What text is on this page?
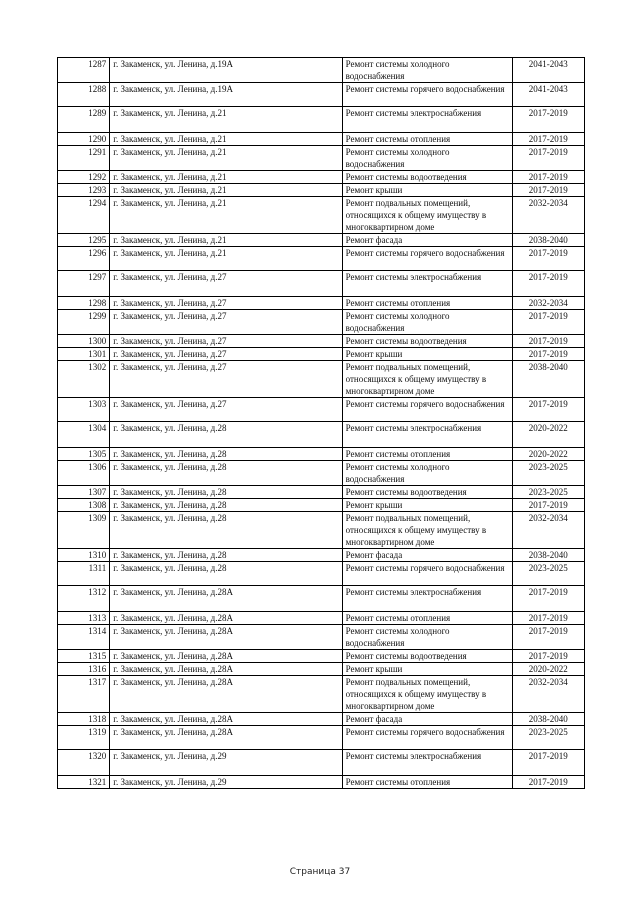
1287	г. Закаменск, ул. Ленина, д.19А	Ремонт системы холодного водоснабжения	2041-2043
1288	г. Закаменск, ул. Ленина, д.19А	Ремонт системы горячего водоснабжения	2041-2043
1289	г. Закаменск, ул. Ленина, д.21	Ремонт системы электроснабжения	2017-2019
1290	г. Закаменск, ул. Ленина, д.21	Ремонт системы отопления	2017-2019
1291	г. Закаменск, ул. Ленина, д.21	Ремонт системы холодного водоснабжения	2017-2019
1292	г. Закаменск, ул. Ленина, д.21	Ремонт системы водоотведения	2017-2019
1293	г. Закаменск, ул. Ленина, д.21	Ремонт крыши	2017-2019
1294	г. Закаменск, ул. Ленина, д.21	Ремонт подвальных помещений, относящихся к общему имуществу в многоквартирном доме	2032-2034
1295	г. Закаменск, ул. Ленина, д.21	Ремонт фасада	2038-2040
1296	г. Закаменск, ул. Ленина, д.21	Ремонт системы горячего водоснабжения	2017-2019
1297	г. Закаменск, ул. Ленина, д.27	Ремонт системы электроснабжения	2017-2019
1298	г. Закаменск, ул. Ленина, д.27	Ремонт системы отопления	2032-2034
1299	г. Закаменск, ул. Ленина, д.27	Ремонт системы холодного водоснабжения	2017-2019
1300	г. Закаменск, ул. Ленина, д.27	Ремонт системы водоотведения	2017-2019
1301	г. Закаменск, ул. Ленина, д.27	Ремонт крыши	2017-2019
1302	г. Закаменск, ул. Ленина, д.27	Ремонт подвальных помещений, относящихся к общему имуществу в многоквартирном доме	2038-2040
1303	г. Закаменск, ул. Ленина, д.27	Ремонт системы горячего водоснабжения	2017-2019
1304	г. Закаменск, ул. Ленина, д.28	Ремонт системы электроснабжения	2020-2022
1305	г. Закаменск, ул. Ленина, д.28	Ремонт системы отопления	2020-2022
1306	г. Закаменск, ул. Ленина, д.28	Ремонт системы холодного водоснабжения	2023-2025
1307	г. Закаменск, ул. Ленина, д.28	Ремонт системы водоотведения	2023-2025
1308	г. Закаменск, ул. Ленина, д.28	Ремонт крыши	2017-2019
1309	г. Закаменск, ул. Ленина, д.28	Ремонт подвальных помещений, относящихся к общему имуществу в многоквартирном доме	2032-2034
1310	г. Закаменск, ул. Ленина, д.28	Ремонт фасада	2038-2040
1311	г. Закаменск, ул. Ленина, д.28	Ремонт системы горячего водоснабжения	2023-2025
1312	г. Закаменск, ул. Ленина, д.28А	Ремонт системы электроснабжения	2017-2019
1313	г. Закаменск, ул. Ленина, д.28А	Ремонт системы отопления	2017-2019
1314	г. Закаменск, ул. Ленина, д.28А	Ремонт системы холодного водоснабжения	2017-2019
1315	г. Закаменск, ул. Ленина, д.28А	Ремонт системы водоотведения	2017-2019
1316	г. Закаменск, ул. Ленина, д.28А	Ремонт крыши	2020-2022
1317	г. Закаменск, ул. Ленина, д.28А	Ремонт подвальных помещений, относящихся к общему имуществу в многоквартирном доме	2032-2034
1318	г. Закаменск, ул. Ленина, д.28А	Ремонт фасада	2038-2040
1319	г. Закаменск, ул. Ленина, д.28А	Ремонт системы горячего водоснабжения	2023-2025
1320	г. Закаменск, ул. Ленина, д.29	Ремонт системы электроснабжения	2017-2019
1321	г. Закаменск, ул. Ленина, д.29	Ремонт системы отопления	2017-2019
Страница 37
